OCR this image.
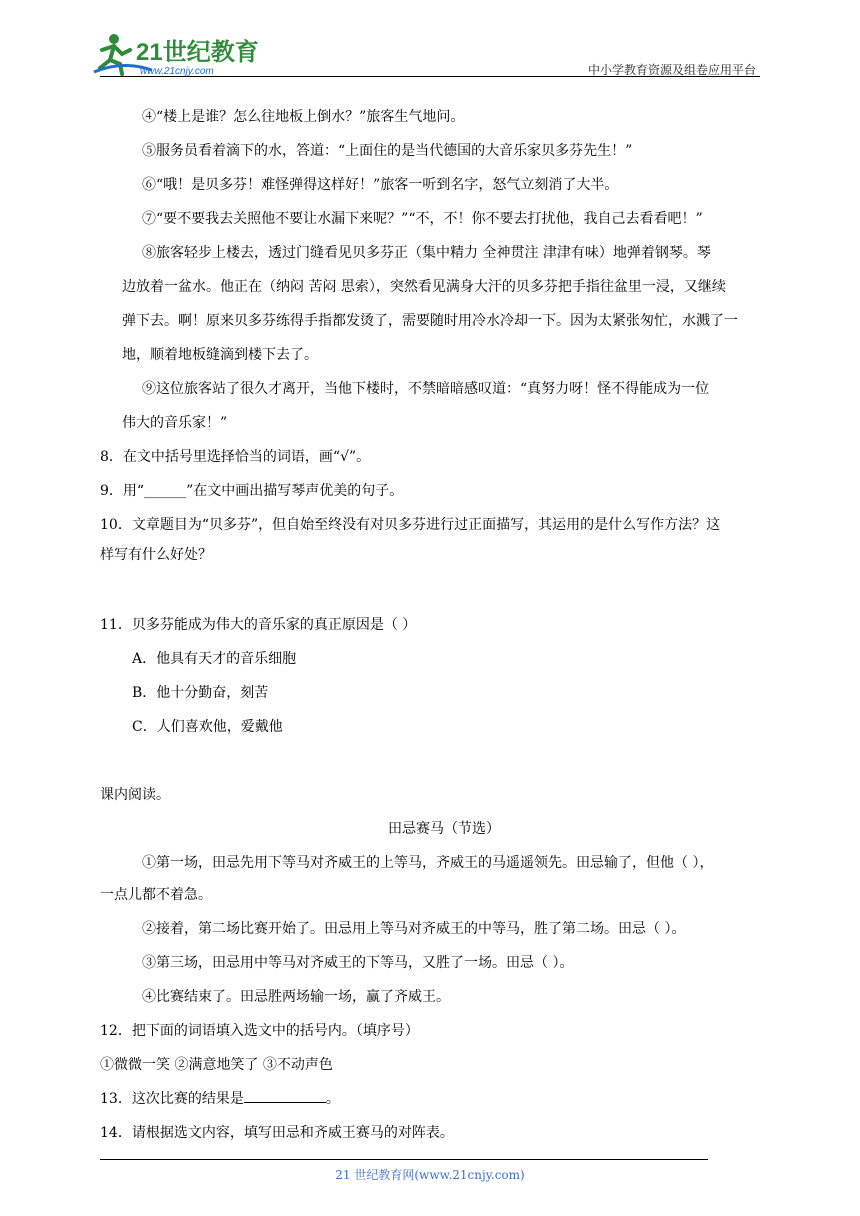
21世纪教育
www.21cnjy.com	中小学教育资源及组卷应用平台
④“楼上是谁？怎么往地板上倒水？”旅客生气地问。
⑤服务员看着滴下的水，答道：“上面住的是当代德国的大音乐家贝多芬先生！”
⑥“哦！是贝多芬！难怪弹得这样好！”旅客一听到名字，怒气立刻消了大半。
⑦“要不要我去关照他不要让水漏下来呢？”“不，不！你不要去打扰他，我自己去看看吧！”
⑧旅客轻步上楼去，透过门缝看见贝多芬正（集中精力 全神贯注 津津有味）地弹着钢琴。琴
边放着一盆水。他正在（纳闷 苦闷 思索），突然看见满身大汗的贝多芬把手指往盆里一浸，又继续
弹下去。啊！原来贝多芬练得手指都发烫了，需要随时用冷水冷却一下。因为太紧张匆忙，水溅了一
地，顺着地板缝滴到楼下去了。
⑨这位旅客站了很久才离开，当他下楼时，不禁暗暗感叹道：“真努力呀！怪不得能成为一位
伟大的音乐家！”
8．在文中括号里选择恰当的词语，画“√”。
9．用“______”在文中画出描写琴声优美的句子。
10．文章题目为“贝多芬”，但自始至终没有对贝多芬进行过正面描写，其运用的是什么写作方法？这
样写有什么好处？
11．贝多芬能成为伟大的音乐家的真正原因是（ ）
A．他具有天才的音乐细胞
B．他十分勤奋，刻苦
C．人们喜欢他，爱戴他
课内阅读。
田忌赛马（节选）
①第一场，田忌先用下等马对齐威王的上等马，齐威王的马遥遥领先。田忌输了，但他（ ），
一点儿都不着急。
②接着，第二场比赛开始了。田忌用上等马对齐威王的中等马，胜了第二场。田忌（ ）。
③第三场，田忌用中等马对齐威王的下等马，又胜了一场。田忌（ ）。
④比赛结束了。田忌胜两场输一场，赢了齐威王。
12．把下面的词语填入选文中的括号内。（填序号）
①微微一笑 ②满意地笑了 ③不动声色
13．这次比赛的结果是	。
14．请根据选文内容，填写田忌和齐威王赛马的对阵表。
21 世纪教育网(www.21cnjy.com)
